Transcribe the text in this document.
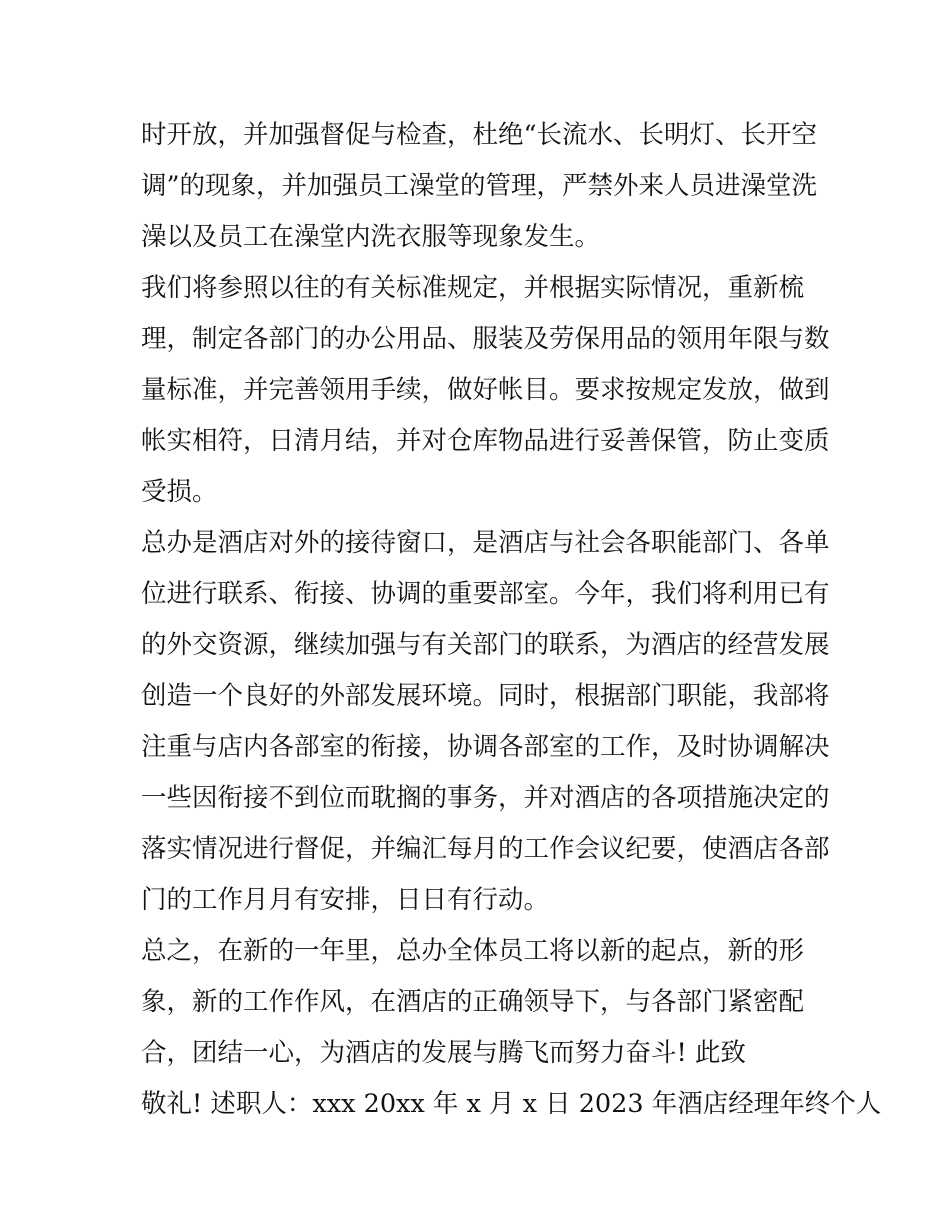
时开放，并加强督促与检查，杜绝“长流水、长明灯、长开空
调”的现象，并加强员工澡堂的管理，严禁外来人员进澡堂洗
澡以及员工在澡堂内洗衣服等现象发生。
我们将参照以往的有关标准规定，并根据实际情况，重新梳
理，制定各部门的办公用品、服装及劳保用品的领用年限与数
量标准，并完善领用手续，做好帐目。要求按规定发放，做到
帐实相符，日清月结，并对仓库物品进行妥善保管，防止变质
受损。
总办是酒店对外的接待窗口，是酒店与社会各职能部门、各单
位进行联系、衔接、协调的重要部室。今年，我们将利用已有
的外交资源，继续加强与有关部门的联系，为酒店的经营发展
创造一个良好的外部发展环境。同时，根据部门职能，我部将
注重与店内各部室的衔接，协调各部室的工作，及时协调解决
一些因衔接不到位而耽搁的事务，并对酒店的各项措施决定的
落实情况进行督促，并编汇每月的工作会议纪要，使酒店各部
门的工作月月有安排，日日有行动。
总之，在新的一年里，总办全体员工将以新的起点，新的形
象，新的工作作风，在酒店的正确领导下，与各部门紧密配
合，团结一心，为酒店的发展与腾飞而努力奋斗! 此致
敬礼! 述职人：xxx 20xx 年 x 月 x 日 2023 年酒店经理年终个人
